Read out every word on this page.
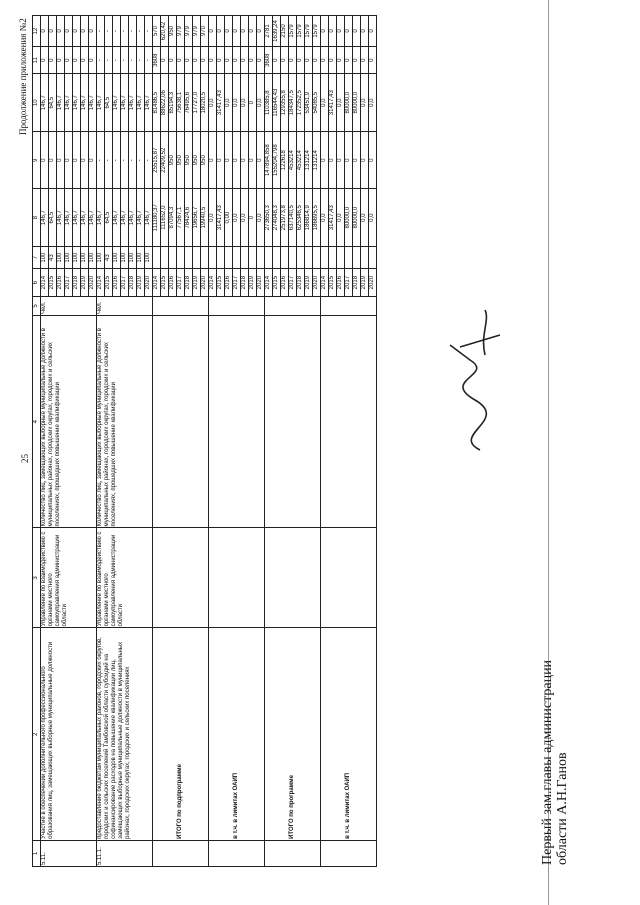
25
Продолжение приложения №2
1	2	3	4	5	6	7	8	9	10	11	12
5.11.	Участие в обеспечении дополнительного профессионального образования лиц, замещающих выборные муниципальные должности	Управление по взаимодействию с органами местного самоуправления администрации области	Количество лиц, замещающих выборные муниципальные должности в муниципальных районах, городских округах, городских и сельских поселениях, прошедших повышение квалификации	Чел.	2014	100	146,7	0	146,7	0	0
					2015	43	64,5	0	64,5	0	0
					2016	100	146,7	0	146,7	0	0
					2017	100	146,7	0	146,7	0	0
					2018	100	146,7	0	146,7	0	0
					2019	100	146,7	0	146,7	0	0
					2020	100	146,7	0	146,7	0	0
5.11.1.	предоставление бюджетам муниципальных районов, городских округов, городских и сельских поселений Тамбовской области субсидий на софинансирование расходов на повышение квалификации лиц, замещающих выборные муниципальные должности в муниципальных районах, городских округах, городских и сельских поселениях	Управление по взаимодействию с органами местного самоуправления администрации области	Количество лиц, замещающих выборные муниципальные должности в муниципальных районах, городских округах, городских и сельских поселениях, прошедших повышение квалификации	Чел.	2014	100	146,7	-	146,7	-	-
					2015	43	64,5	-	64,5	-	-
					2016	100	146,7	-	146,7	-	-
					2017	100	146,7	-	146,7	-	-
					2018	100	146,7	-	146,7	-	-
					2019	100	146,7	-	146,7	-	-
					2020	100	146,7	-	146,7	-	-
	ИТОГО по подпрограмме				2014		111180,37	25515,87	81486,5	3608	570
					2015		111652,0	22409,52	88622,06	0	620,42
					2016		87094,3	950	85194,3	0	950
					2017		77567,1	950	75638,1	0	979
					2018		78424,6	950	76495,6	0	979
					2019		19656,7	950	17727,0	0	979
					2020		19940,5	950	18020,5	0	970
	в т.ч. в лимитах ОАИП				2014		0,0	0	0,0	0	0
					2015		31417,43	0	31417,43	0	0
					2016		0,00	0	0,0	0	0
					2017		0,0	0	0,0	0	0
					2018		0,0	0	0,0	0	0
					2019		0	0	0	0	0
					2020		0,0	0	0,0	0	0
	ИТОГО по программе				2014		273650,3	147894,858	110385,8	3608	2781
					2015		274048,3	155204,798	116544,43	0	1639,24
					2016		251973,8	122618	129355,8	0	2150
					2017		637140,5	453214	184347,5	0	1579
					2018		625346,5	453214	172352,5	0	1579
					2019		186814,9	131214	53451,9	0	1579
					2020		186695,5	131214	54085,5	0	1579
	в т.ч. в лимитах ОАИП				2014		0,0	0	0,0	0	0
					2015		31417,43	0	31417,43	0	0
					2016		0,0	0	0,0	0	0
					2017		80000,0	0	80000,0	0	0
					2018		80000,0	0	80000,0	0	0
					2019		0,0	0	0,0	0	0
					2020		0,0	0	0,0	0	0
Первый зам.главы администрации области А.Н.Ганов
